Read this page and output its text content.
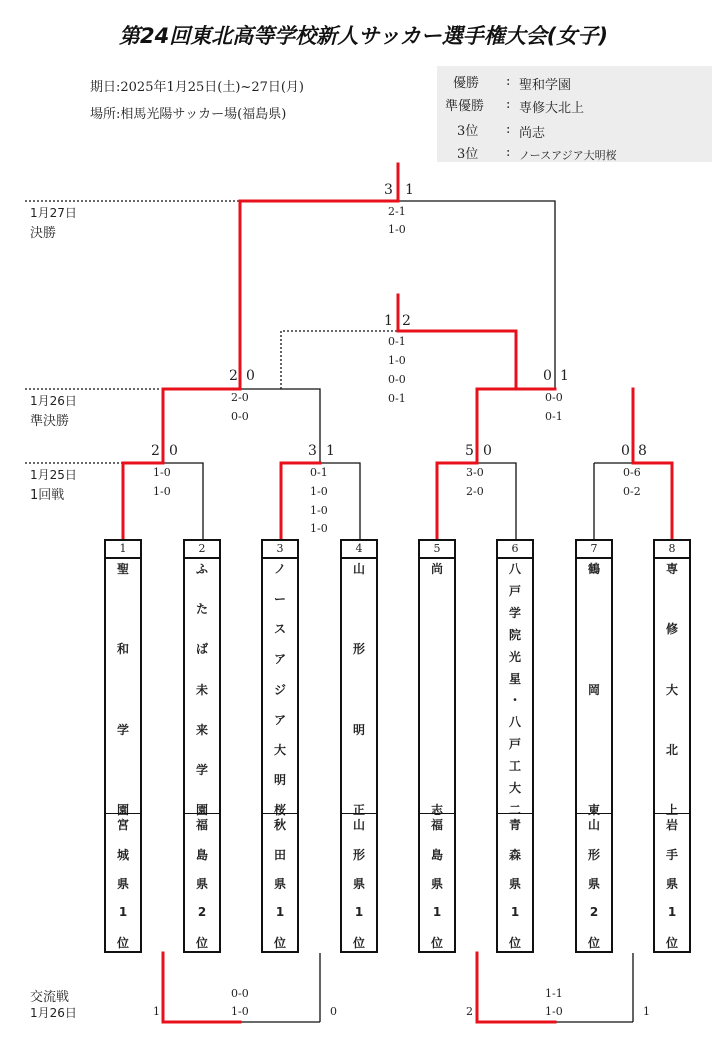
第24回東北高等学校新人サッカー選手権大会(女子)
期日:2025年1月25日(土)~27日(月)
場所:相馬光陽サッカー場(福島県)
優勝 : 聖和学園
準優勝 : 専修大北上
3位 : 尚志
3位 : ノースアジア大明桜
1月27日
決勝
1月26日
準決勝
1月25日
1回戦
交流戦
1月26日
3 1
2-1
1-0
1 2
0-1
1-0
0-0
0-1
2 0
2-0
0-0
0 1
0-0
0-1
2 0
1-0
1-0
3 1
0-1
1-0
1-0
1-0
5 0
3-0
2-0
0 8
0-6
0-2
1	0
0-0
1-0	2	1
1-1
1-0
1
聖
和
学
園
宮
城
県
1
位
2
ふ
た
ば
未
来
学
園
福
島
県
2
位
3
ノ
ー
ス
ア
ジ
ア
大
明
桜
秋
田
県
1
位
4
山
形
明
正
山
形
県
1
位
5
尚
志
福
島
県
1
位
6
八
戸
学
院
光
星
・
八
戸
工
大
二
青
森
県
1
位
7
鶴
岡
東
山
形
県
2
位
8
専
修
大
北
上
岩
手
県
1
位
